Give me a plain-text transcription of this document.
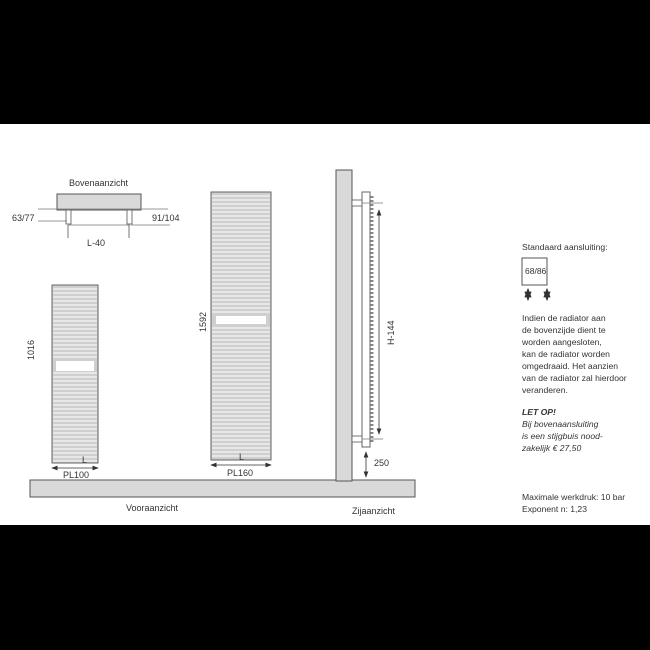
Bovenaanzicht
63/77	91/104
L-40
1016
L
PL100
1592
L
PL160
Vooraanzicht	Zijaanzicht
H-144
250
Standaard aansluiting:
68/86
Indien de radiator aan
de bovenzijde dient te
worden aangesloten,
kan de radiator worden
omgedraaid. Het aanzien
van de radiator zal hierdoor
veranderen.
LET OP!
Bij bovenaansluiting
is een stijgbuis nood-
zakelijk € 27,50
Maximale werkdruk: 10 bar
Exponent n: 1,23
